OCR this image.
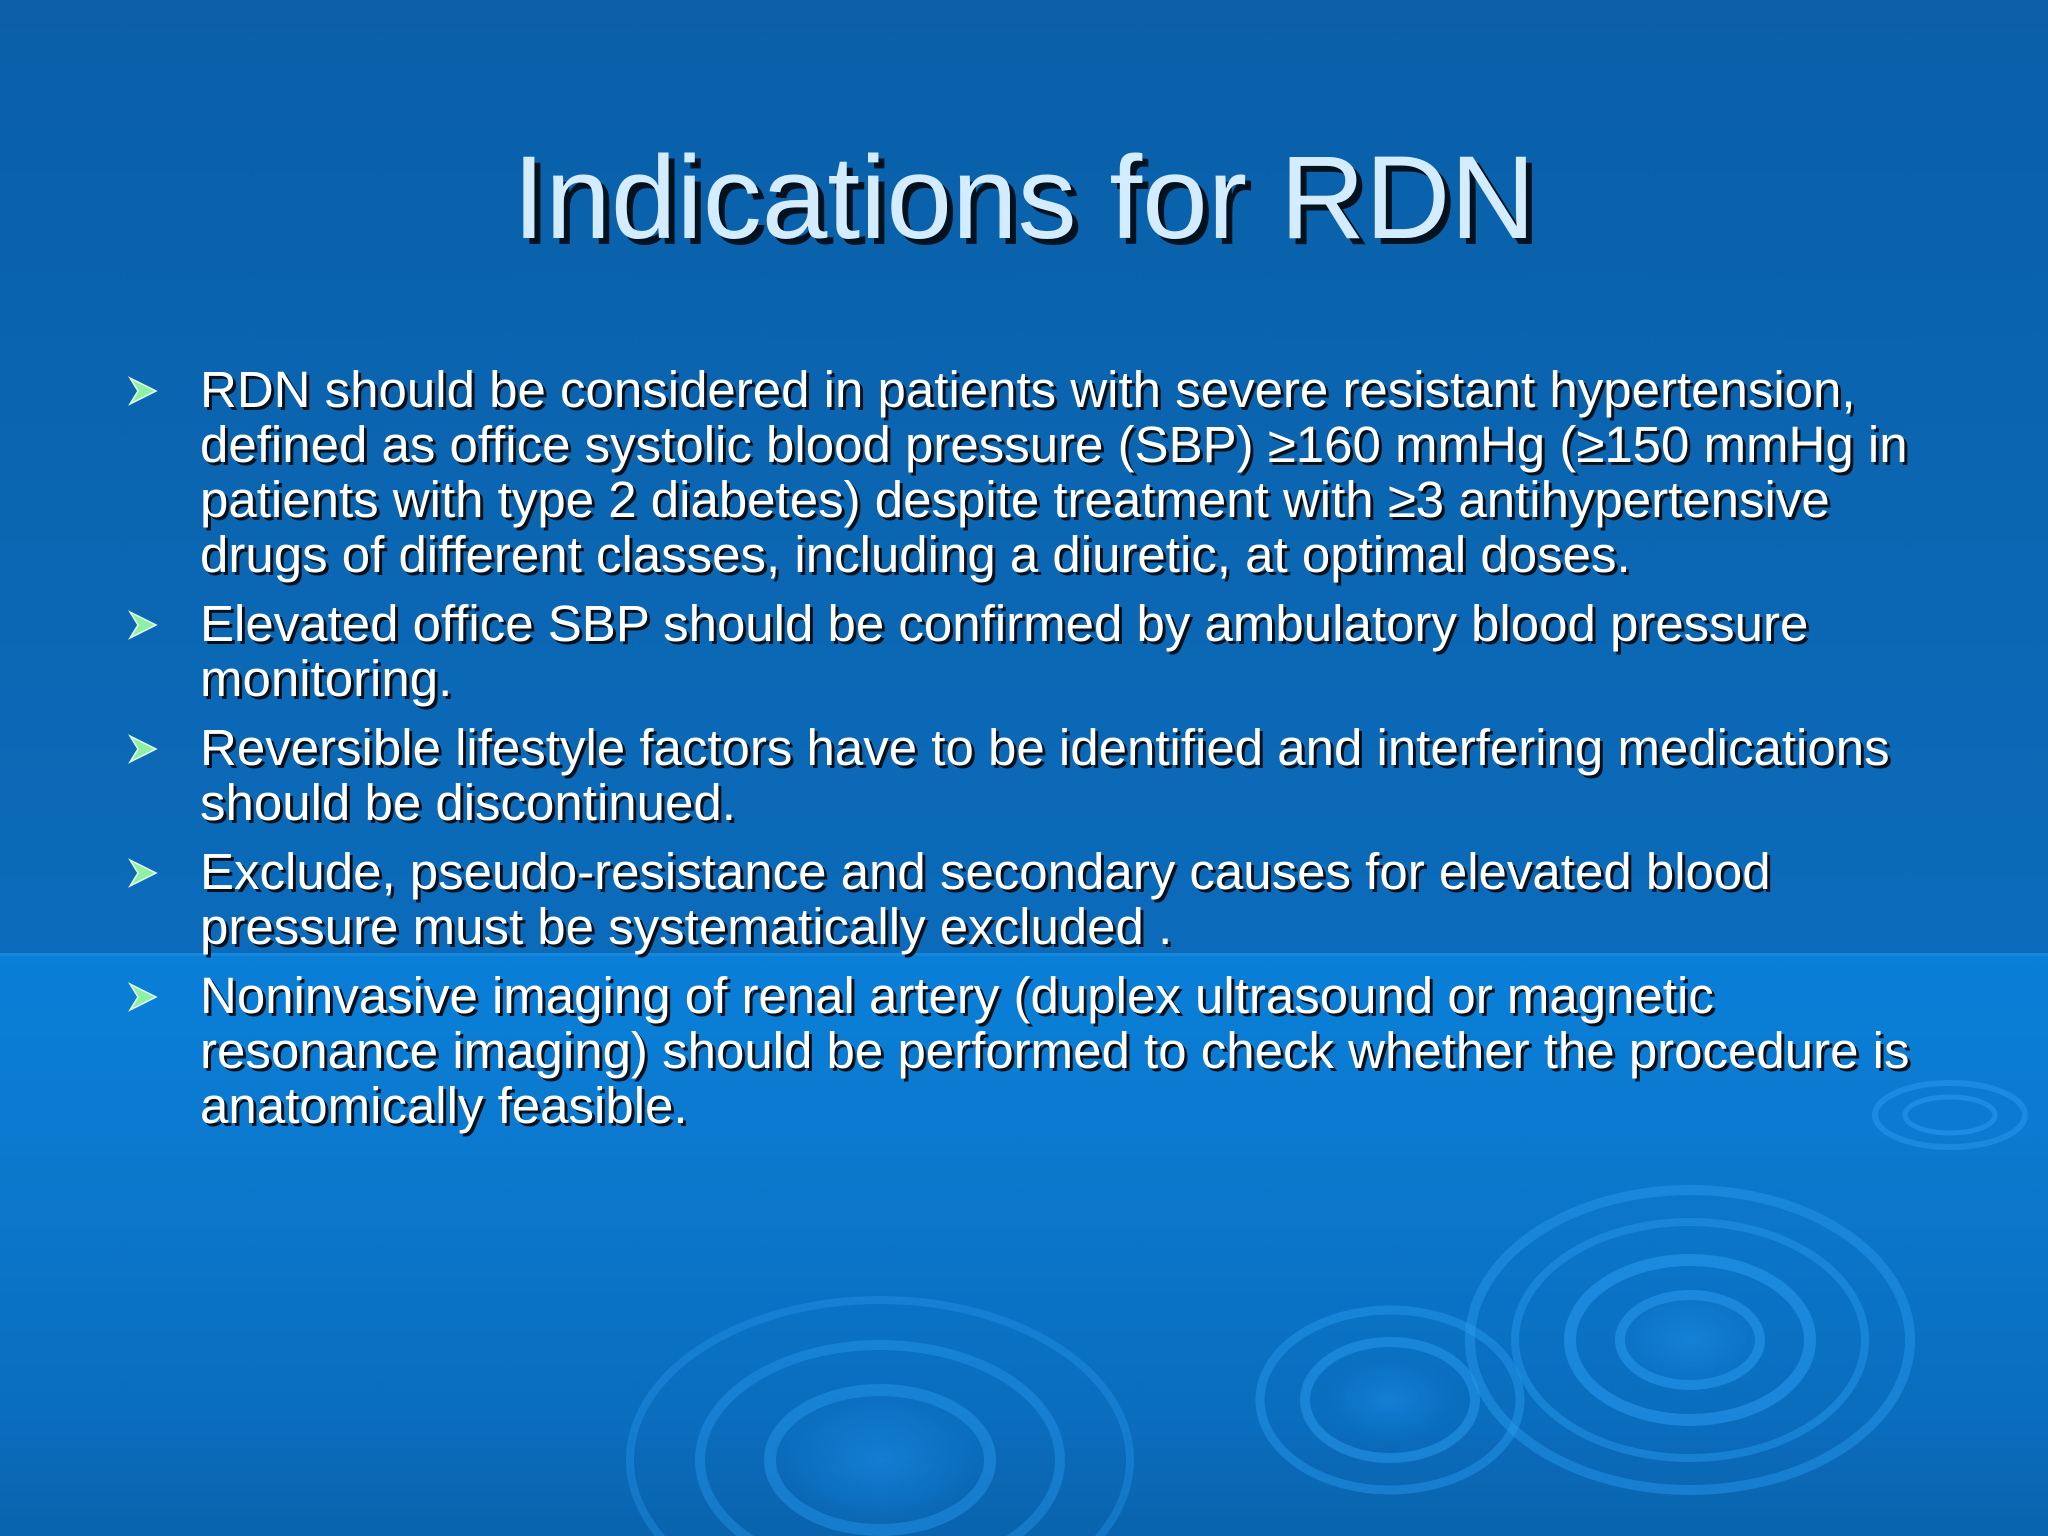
Indications for RDN
RDN should be considered in patients with severe resistant hypertension, defined as office systolic blood pressure (SBP) ≥160 mmHg (≥150 mmHg in patients with type 2 diabetes) despite treatment with ≥3 antihypertensive drugs of different classes, including a diuretic, at optimal doses.
Elevated office SBP should be confirmed by ambulatory blood pressure monitoring.
Reversible lifestyle factors have to be identified and interfering medications should be discontinued.
Exclude, pseudo-resistance and secondary causes for elevated blood pressure must be systematically excluded .
Noninvasive imaging of renal artery (duplex ultrasound or magnetic resonance imaging) should be performed to check whether the procedure is anatomically feasible.
